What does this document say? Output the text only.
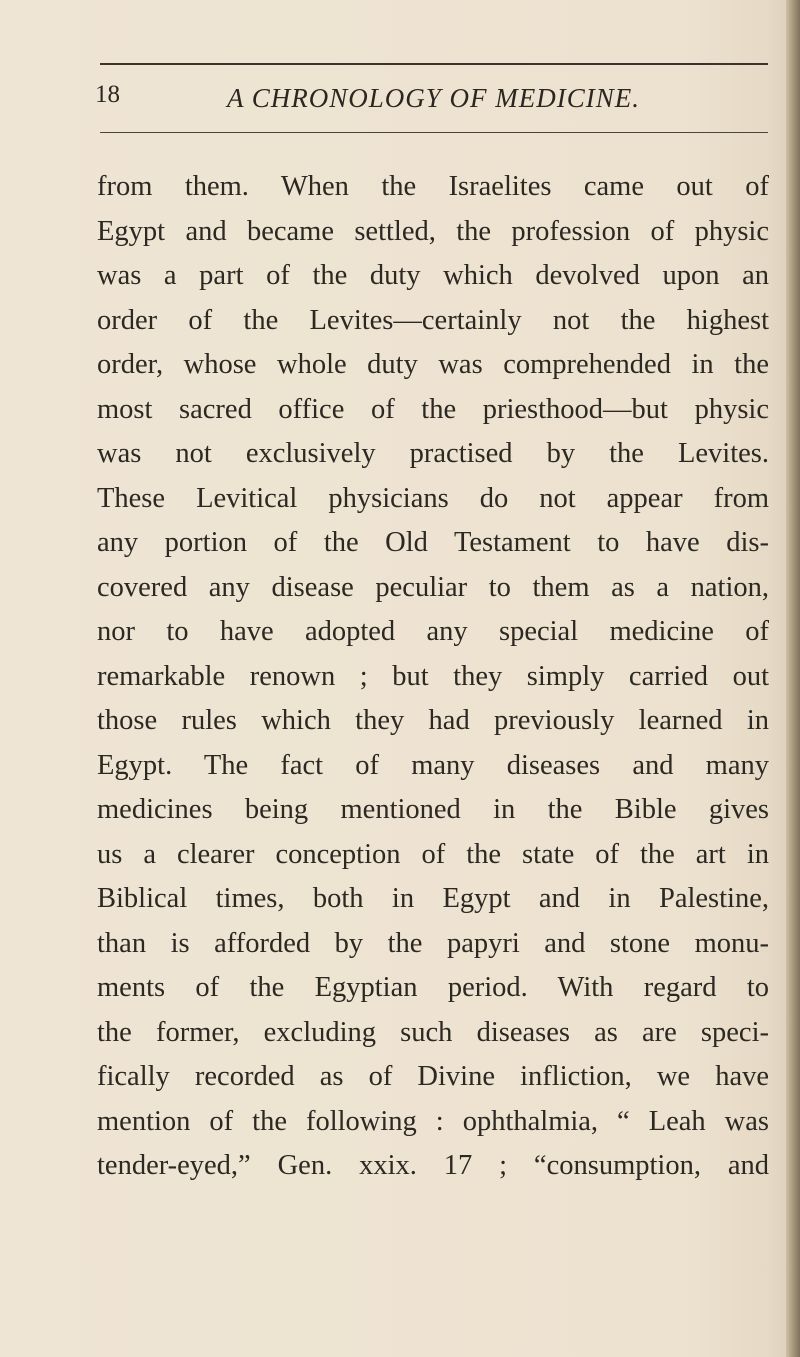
18	A CHRONOLOGY OF MEDICINE.
from them. When the Israelites came out of
Egypt and became settled, the profession of physic
was a part of the duty which devolved upon an
order of the Levites—certainly not the highest
order, whose whole duty was comprehended in the
most sacred office of the priesthood—but physic
was not exclusively practised by the Levites.
These Levitical physicians do not appear from
any portion of the Old Testament to have dis-
covered any disease peculiar to them as a nation,
nor to have adopted any special medicine of
remarkable renown ; but they simply carried out
those rules which they had previously learned in
Egypt. The fact of many diseases and many
medicines being mentioned in the Bible gives
us a clearer conception of the state of the art in
Biblical times, both in Egypt and in Palestine,
than is afforded by the papyri and stone monu-
ments of the Egyptian period. With regard to
the former, excluding such diseases as are speci-
fically recorded as of Divine infliction, we have
mention of the following : ophthalmia, “ Leah was
tender-eyed,” Gen. xxix. 17 ; “consumption, and
